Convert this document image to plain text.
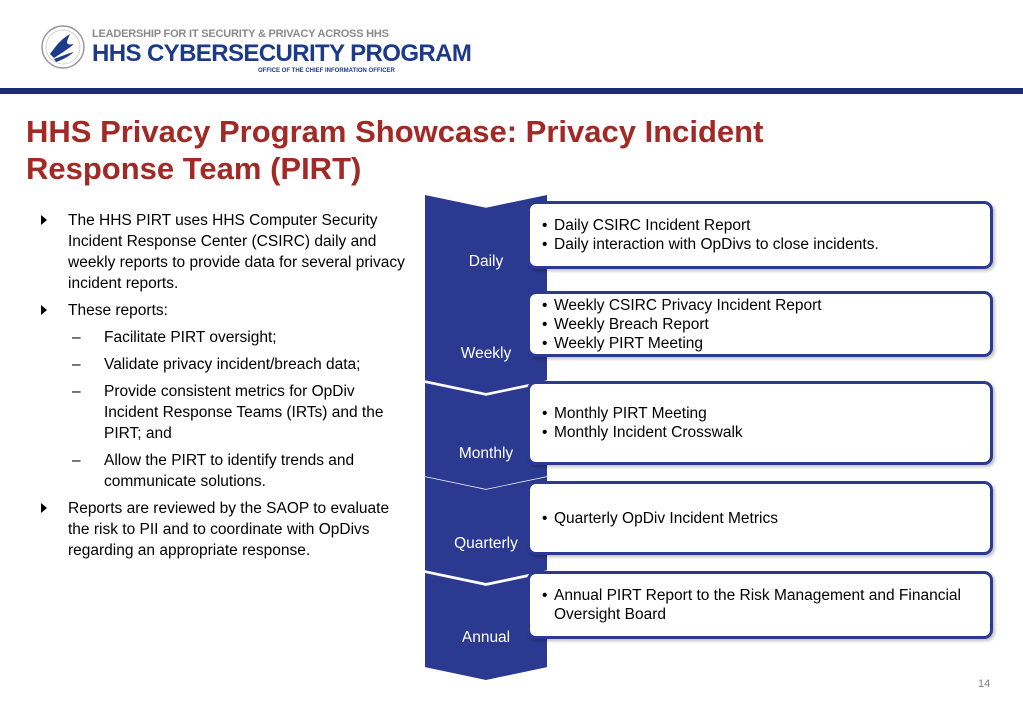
LEADERSHIP FOR IT SECURITY & PRIVACY ACROSS HHS
HHS CYBERSECURITY PROGRAM
OFFICE OF THE CHIEF INFORMATION OFFICER
HHS Privacy Program Showcase: Privacy Incident
Response Team (PIRT)
The HHS PIRT uses HHS Computer Security Incident Response Center (CSIRC) daily and weekly reports to provide data for several privacy incident reports.
These reports:
– Facilitate PIRT oversight;
– Validate privacy incident/breach data;
– Provide consistent metrics for OpDiv Incident Response Teams (IRTs) and the PIRT; and
– Allow the PIRT to identify trends and communicate solutions.
Reports are reviewed by the SAOP to evaluate the risk to PII and to coordinate with OpDivs regarding an appropriate response.
Daily
• Daily CSIRC Incident Report
• Daily interaction with OpDivs to close incidents.
Weekly
• Weekly CSIRC Privacy Incident Report
• Weekly Breach Report
• Weekly PIRT Meeting
Monthly
• Monthly PIRT Meeting
• Monthly Incident Crosswalk
Quarterly
• Quarterly OpDiv Incident Metrics
Annual
• Annual PIRT Report to the Risk Management and Financial Oversight Board
14
